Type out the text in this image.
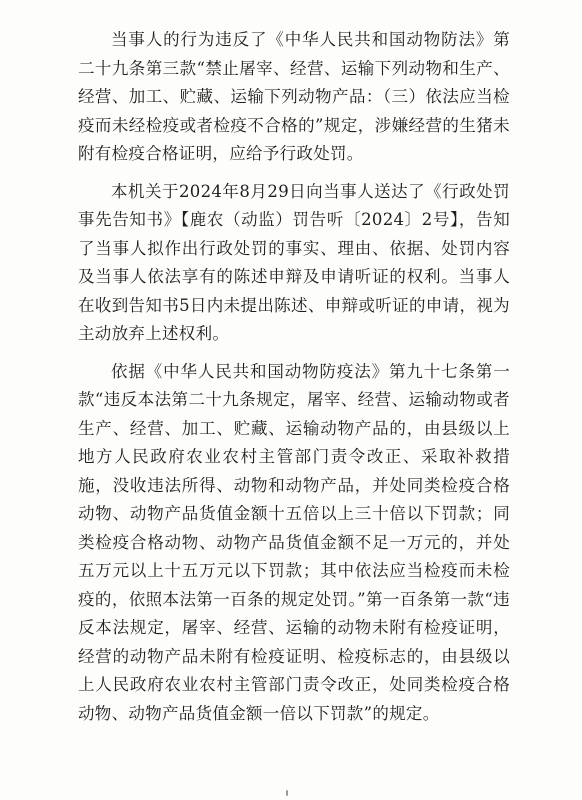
当事人的行为违反了《中华人民共和国动物防法》第二十九条第三款“禁止屠宰、经营、运输下列动物和生产、经营、加工、贮藏、运输下列动物产品：（三）依法应当检疫而未经检疫或者检疫不合格的”规定，涉嫌经营的生猪未附有检疫合格证明，应给予行政处罚。

本机关于2024年8月29日向当事人送达了《行政处罚事先告知书》【鹿农（动监）罚告听〔2024〕2号】，告知了当事人拟作出行政处罚的事实、理由、依据、处罚内容及当事人依法享有的陈述申辩及申请听证的权利。当事人在收到告知书5日内未提出陈述、申辩或听证的申请，视为主动放弃上述权利。

依据《中华人民共和国动物防疫法》第九十七条第一款“违反本法第二十九条规定，屠宰、经营、运输动物或者生产、经营、加工、贮藏、运输动物产品的，由县级以上地方人民政府农业农村主管部门责令改正、采取补救措施，没收违法所得、动物和动物产品，并处同类检疫合格动物、动物产品货值金额十五倍以上三十倍以下罚款；同类检疫合格动物、动物产品货值金额不足一万元的，并处五万元以上十五万元以下罚款；其中依法应当检疫而未检疫的，依照本法第一百条的规定处罚。”第一百条第一款“违反本法规定，屠宰、经营、运输的动物未附有检疫证明，经营的动物产品未附有检疫证明、检疫标志的，由县级以上人民政府农业农村主管部门责令改正，处同类检疫合格动物、动物产品货值金额一倍以下罚款”的规定。
